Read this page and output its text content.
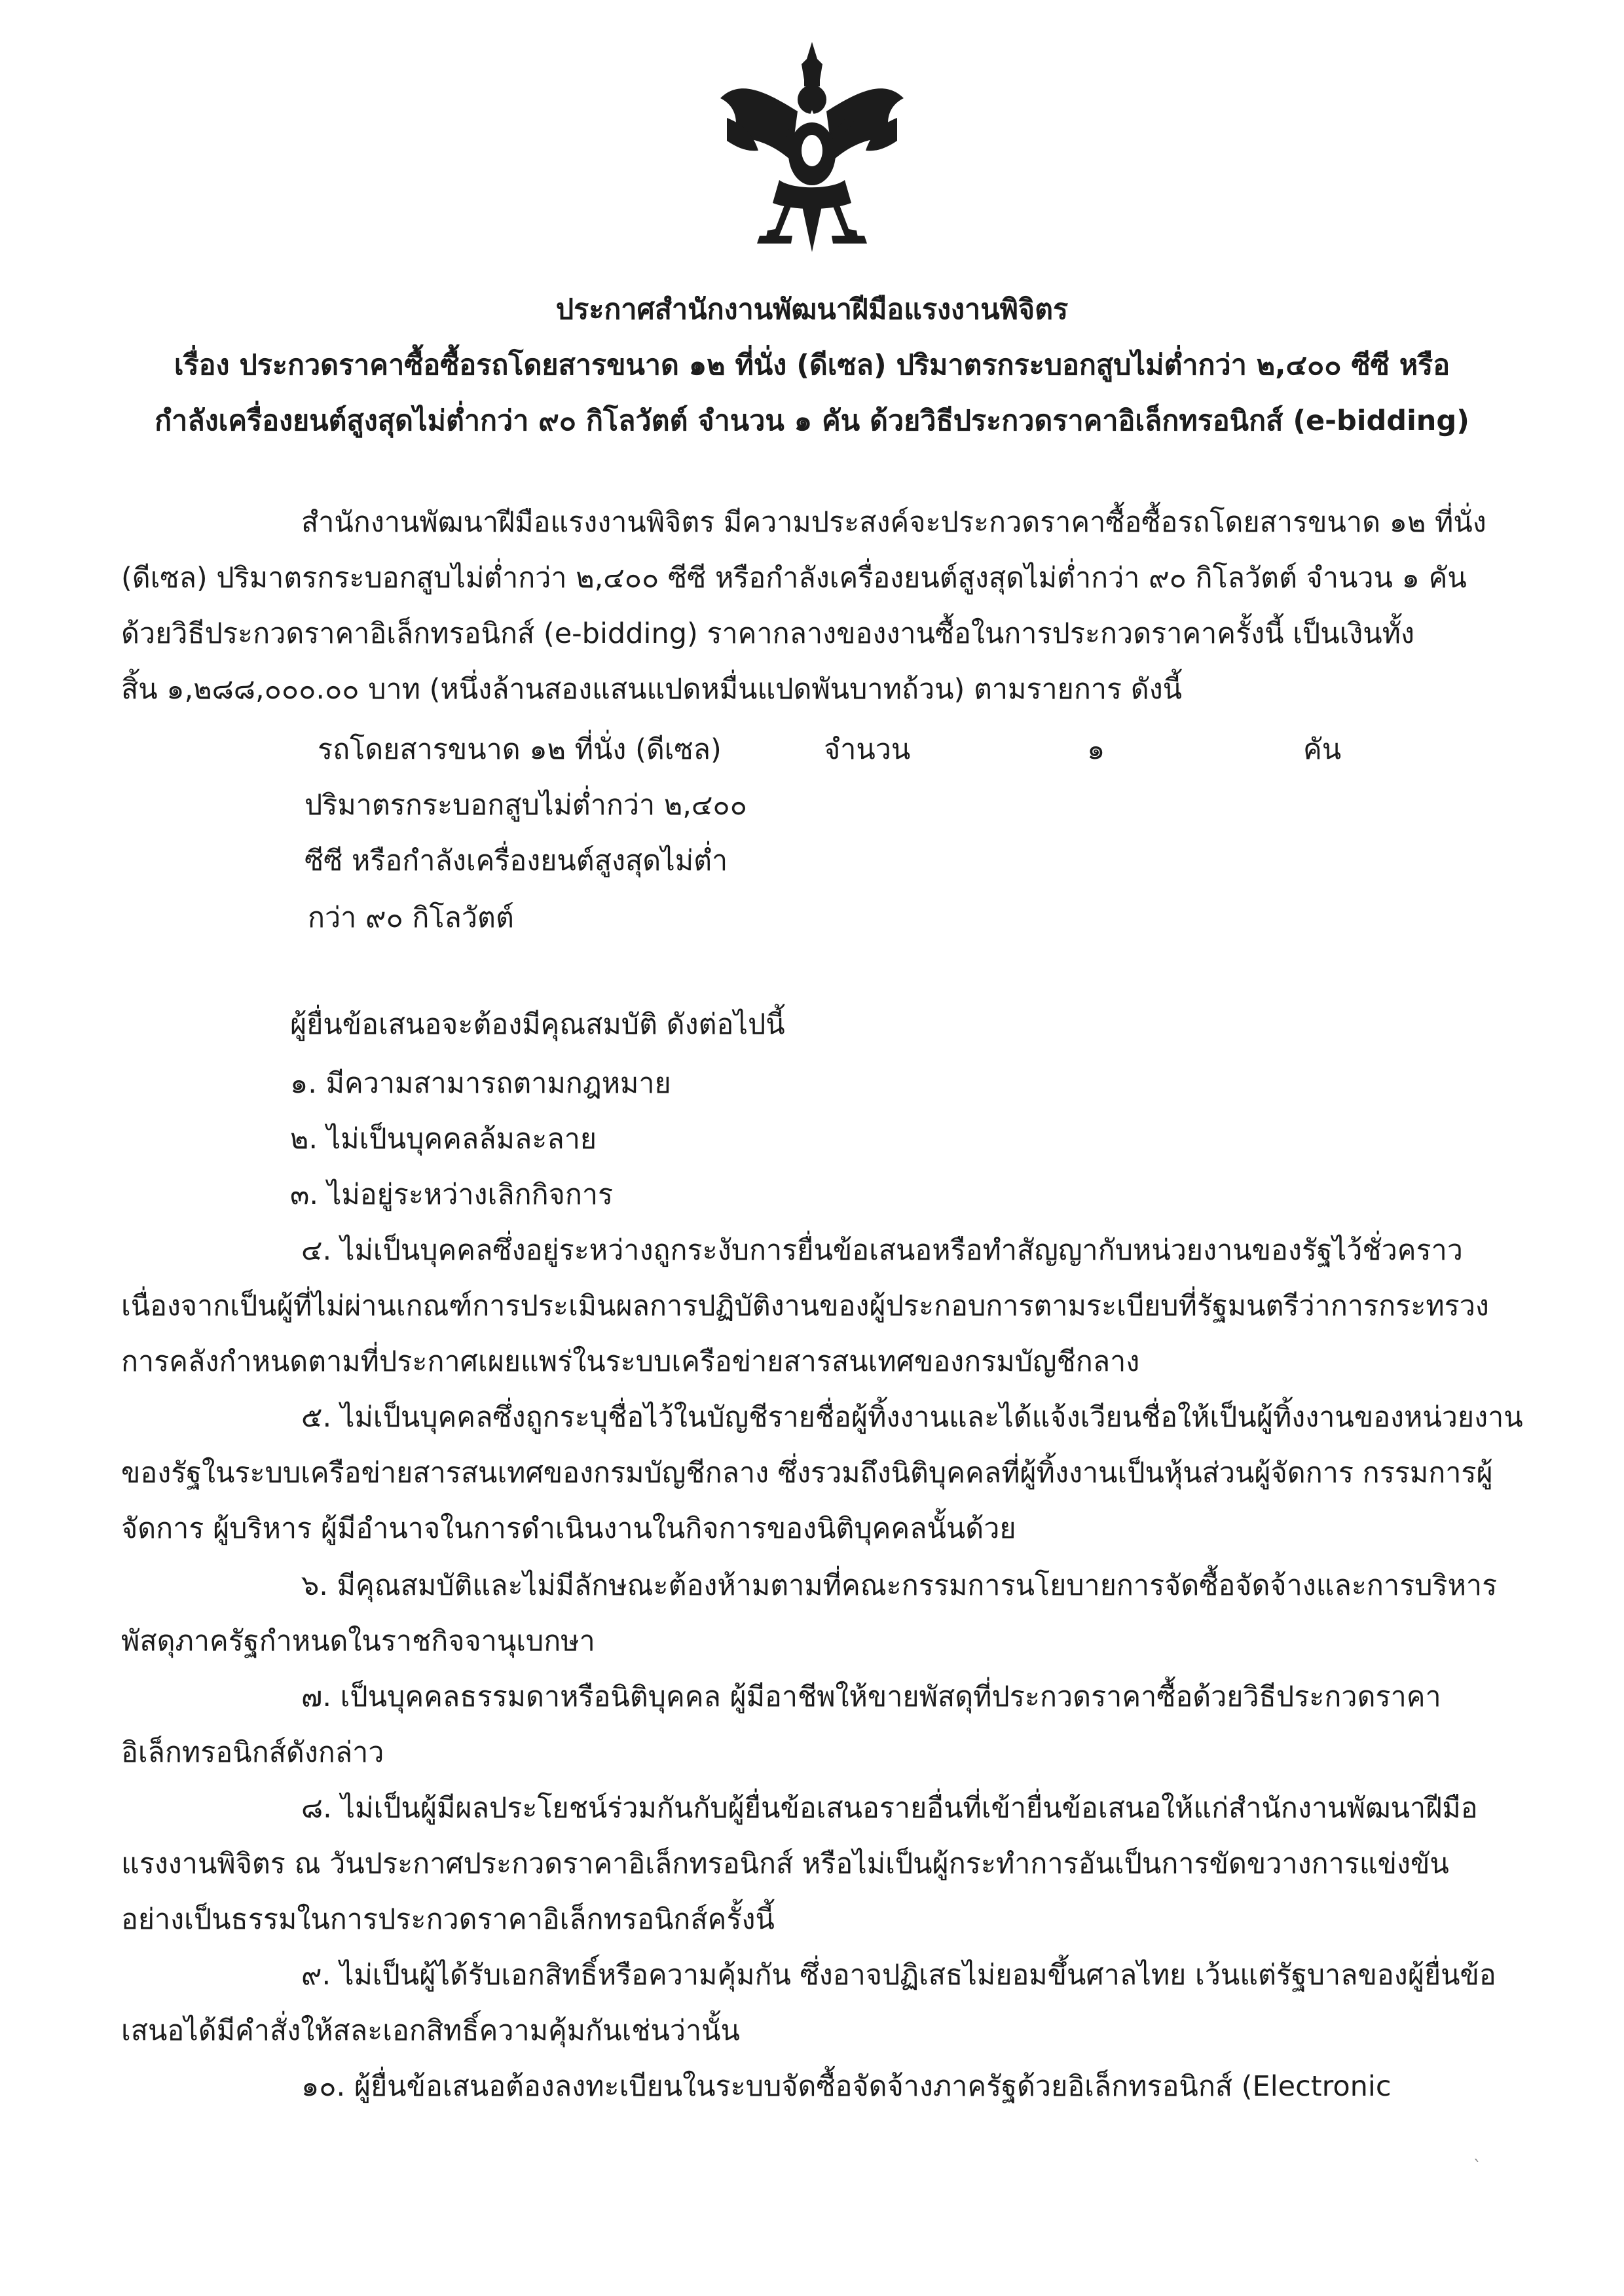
ประกาศสำนักงานพัฒนาฝีมือแรงงานพิจิตร
เรื่อง ประกวดราคาซื้อซื้อรถโดยสารขนาด ๑๒ ที่นั่ง (ดีเซล) ปริมาตรกระบอกสูบไม่ต่ำกว่า ๒,๔๐๐ ซีซี หรือ
กำลังเครื่องยนต์สูงสุดไม่ต่ำกว่า ๙๐ กิโลวัตต์ จำนวน ๑ คัน ด้วยวิธีประกวดราคาอิเล็กทรอนิกส์ (e-bidding)
สำนักงานพัฒนาฝีมือแรงงานพิจิตร มีความประสงค์จะประกวดราคาซื้อซื้อรถโดยสารขนาด ๑๒ ที่นั่ง
(ดีเซล) ปริมาตรกระบอกสูบไม่ต่ำกว่า ๒,๔๐๐ ซีซี หรือกำลังเครื่องยนต์สูงสุดไม่ต่ำกว่า ๙๐ กิโลวัตต์ จำนวน ๑ คัน
ด้วยวิธีประกวดราคาอิเล็กทรอนิกส์ (e-bidding) ราคากลางของงานซื้อในการประกวดราคาครั้งนี้ เป็นเงินทั้ง
สิ้น ๑,๒๘๘,๐๐๐.๐๐ บาท (หนึ่งล้านสองแสนแปดหมื่นแปดพันบาทถ้วน) ตามรายการ ดังนี้
รถโดยสารขนาด ๑๒ ที่นั่ง (ดีเซล)	จำนวน	๑	คัน
ปริมาตรกระบอกสูบไม่ต่ำกว่า ๒,๔๐๐
ซีซี หรือกำลังเครื่องยนต์สูงสุดไม่ต่ำ
กว่า ๙๐ กิโลวัตต์
ผู้ยื่นข้อเสนอจะต้องมีคุณสมบัติ ดังต่อไปนี้
๑. มีความสามารถตามกฎหมาย
๒. ไม่เป็นบุคคลล้มละลาย
๓. ไม่อยู่ระหว่างเลิกกิจการ
๔. ไม่เป็นบุคคลซึ่งอยู่ระหว่างถูกระงับการยื่นข้อเสนอหรือทำสัญญากับหน่วยงานของรัฐไว้ชั่วคราว
เนื่องจากเป็นผู้ที่ไม่ผ่านเกณฑ์การประเมินผลการปฏิบัติงานของผู้ประกอบการตามระเบียบที่รัฐมนตรีว่าการกระทรวง
การคลังกำหนดตามที่ประกาศเผยแพร่ในระบบเครือข่ายสารสนเทศของกรมบัญชีกลาง
๕. ไม่เป็นบุคคลซึ่งถูกระบุชื่อไว้ในบัญชีรายชื่อผู้ทิ้งงานและได้แจ้งเวียนชื่อให้เป็นผู้ทิ้งงานของหน่วยงาน
ของรัฐในระบบเครือข่ายสารสนเทศของกรมบัญชีกลาง ซึ่งรวมถึงนิติบุคคลที่ผู้ทิ้งงานเป็นหุ้นส่วนผู้จัดการ กรรมการผู้
จัดการ ผู้บริหาร ผู้มีอำนาจในการดำเนินงานในกิจการของนิติบุคคลนั้นด้วย
๖. มีคุณสมบัติและไม่มีลักษณะต้องห้ามตามที่คณะกรรมการนโยบายการจัดซื้อจัดจ้างและการบริหาร
พัสดุภาครัฐกำหนดในราชกิจจานุเบกษา
๗. เป็นบุคคลธรรมดาหรือนิติบุคคล ผู้มีอาชีพให้ขายพัสดุที่ประกวดราคาซื้อด้วยวิธีประกวดราคา
อิเล็กทรอนิกส์ดังกล่าว
๘. ไม่เป็นผู้มีผลประโยชน์ร่วมกันกับผู้ยื่นข้อเสนอรายอื่นที่เข้ายื่นข้อเสนอให้แก่สำนักงานพัฒนาฝีมือ
แรงงานพิจิตร ณ วันประกาศประกวดราคาอิเล็กทรอนิกส์ หรือไม่เป็นผู้กระทำการอันเป็นการขัดขวางการแข่งขัน
อย่างเป็นธรรมในการประกวดราคาอิเล็กทรอนิกส์ครั้งนี้
๙. ไม่เป็นผู้ได้รับเอกสิทธิ์หรือความคุ้มกัน ซึ่งอาจปฏิเสธไม่ยอมขึ้นศาลไทย เว้นแต่รัฐบาลของผู้ยื่นข้อ
เสนอได้มีคำสั่งให้สละเอกสิทธิ์ความคุ้มกันเช่นว่านั้น
๑๐. ผู้ยื่นข้อเสนอต้องลงทะเบียนในระบบจัดซื้อจัดจ้างภาครัฐด้วยอิเล็กทรอนิกส์ (Electronic
`
